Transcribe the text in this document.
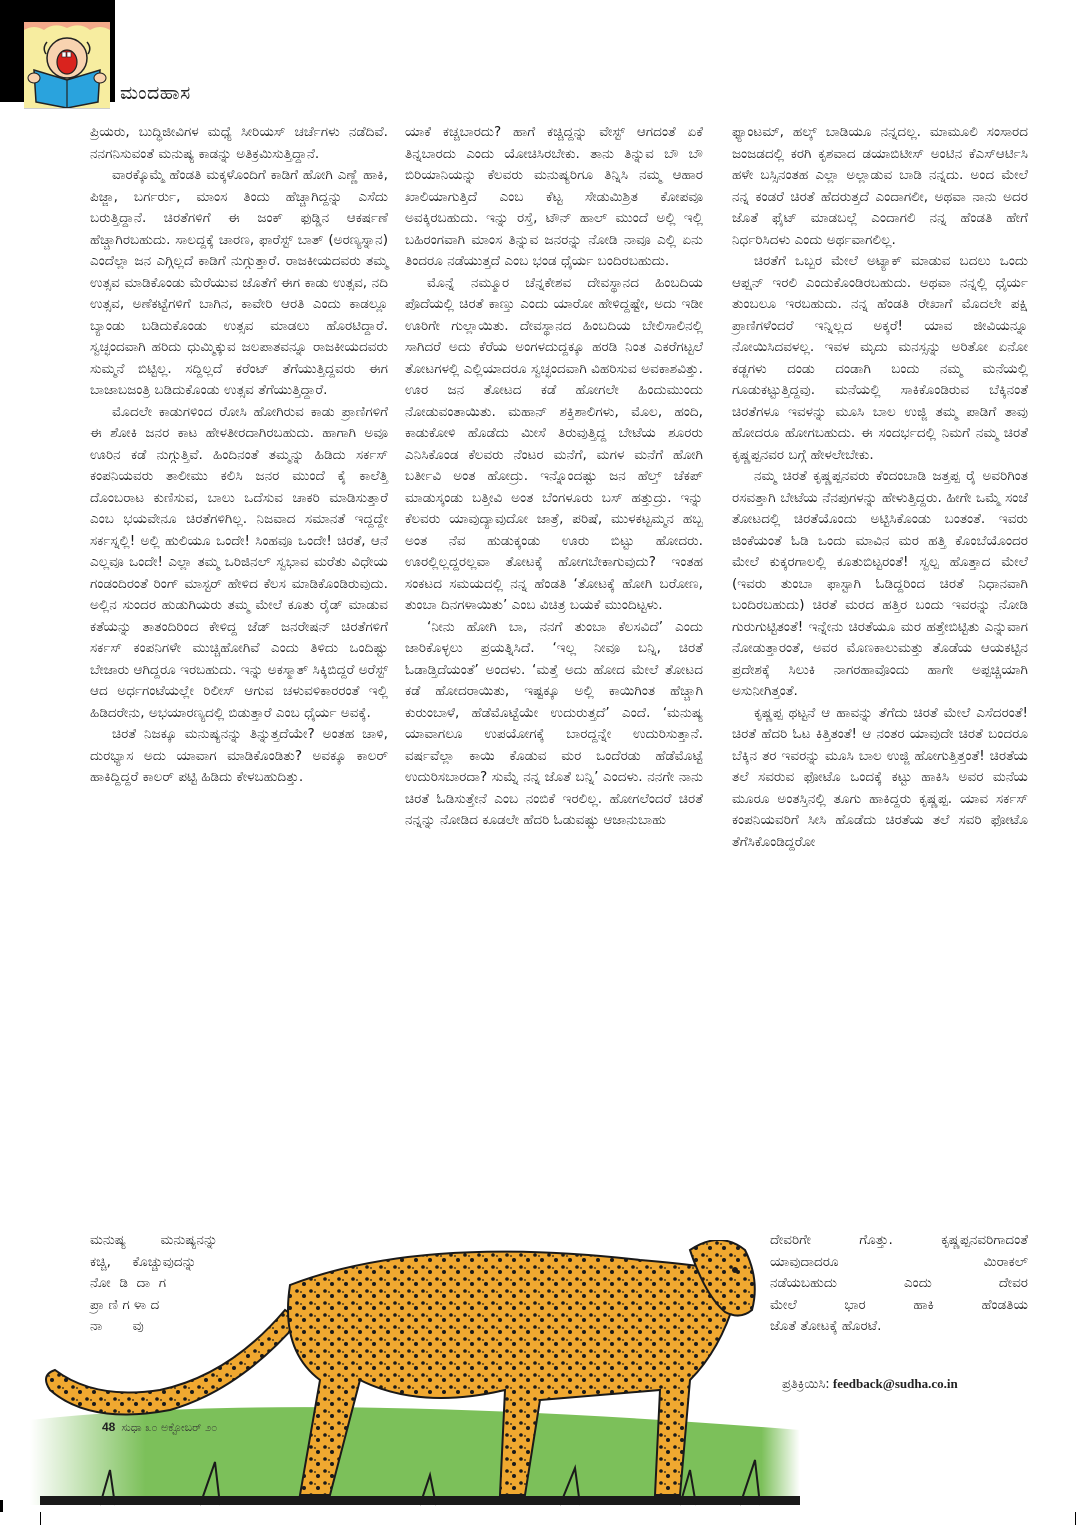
ಮಂದಹಾಸ

ಪ್ರಿಯರು, ಬುದ್ಧಿಜೀವಿಗಳ ಮಧ್ಯೆ ಸೀರಿಯಸ್ ಚರ್ಚೆಗಳು ನಡೆದಿವೆ. ನನಗನಿಸುವಂತೆ ಮನುಷ್ಯ ಕಾಡನ್ನು ಅತಿಕ್ರಮಿಸುತ್ತಿದ್ದಾನೆ.

ವಾರಕ್ಕೊಮ್ಮೆ ಹೆಂಡತಿ ಮಕ್ಕಳೊಂದಿಗೆ ಕಾಡಿಗೆ ಹೋಗಿ ಎಣ್ಣೆ ಹಾಕಿ, ಪಿಜ್ಜಾ, ಬರ್ಗರ್ರು, ಮಾಂಸ ತಿಂದು ಹೆಚ್ಚಾಗಿದ್ದನ್ನು ಎಸೆದು ಬರುತ್ತಿದ್ದಾನೆ. ಚಿರತೆಗಳಿಗೆ ಈ ಜಂಕ್ ಫುಡ್ಡಿನ ಆಕರ್ಷಣೆ ಹೆಚ್ಚಾಗಿರಬಹುದು. ಸಾಲದ್ದಕ್ಕೆ ಚಾರಣ, ಫಾರೆಸ್ಟ್ ಬಾತ್ (ಅರಣ್ಯಸ್ನಾನ) ಎಂದೆಲ್ಲಾ ಜನ ಎಗ್ಗಿಲ್ಲದೆ ಕಾಡಿಗೆ ನುಗ್ಗುತ್ತಾರೆ. ರಾಜಕೀಯದವರು ತಮ್ಮ ಉತ್ಸವ ಮಾಡಿಕೊಂಡು ಮೆರೆಯುವ ಜೊತೆಗೆ ಈಗ ಕಾಡು ಉತ್ಸವ, ನದಿ ಉತ್ಸವ, ಅಣೆಕಟ್ಟೆಗಳಿಗೆ ಬಾಗಿನ, ಕಾವೇರಿ ಆರತಿ ಎಂದು ಕಾಡಲ್ಲೂ ಬ್ಯಾಂಡು ಬಡಿದುಕೊಂಡು ಉತ್ಸವ ಮಾಡಲು ಹೊರಟಿದ್ದಾರೆ. ಸ್ವಚ್ಛಂದವಾಗಿ ಹರಿದು ಧುಮ್ಮಿಕ್ಕುವ ಜಲಪಾತವನ್ನೂ ರಾಜಕೀಯದವರು ಸುಮ್ಮನೆ ಬಿಟ್ಟಿಲ್ಲ. ಸದ್ದಿಲ್ಲದೆ ಕರೆಂಟ್ ತೆಗೆಯುತ್ತಿದ್ದವರು ಈಗ ಬಾಜಾಬಜಂತ್ರಿ ಬಡಿದುಕೊಂಡು ಉತ್ಸವ ತೆಗೆಯುತ್ತಿದ್ದಾರೆ.

ಮೊದಲೇ ಕಾಡುಗಳಿಂದ ರೋಸಿ ಹೋಗಿರುವ ಕಾಡು ಪ್ರಾಣಿಗಳಿಗೆ ಈ ಶೋಕಿ ಜನರ ಕಾಟ ಹೇಳತೀರದಾಗಿರಬಹುದು. ಹಾಗಾಗಿ ಅವೂ ಊರಿನ ಕಡೆ ನುಗ್ಗುತ್ತಿವೆ. ಹಿಂದಿನಂತೆ ತಮ್ಮನ್ನು ಹಿಡಿದು ಸರ್ಕಸ್ ಕಂಪನಿಯವರು ತಾಲೀಮು ಕಲಿಸಿ ಜನರ ಮುಂದೆ ಕೈ ಕಾಲೆತ್ತಿ ದೊಂಬರಾಟ ಕುಣಿಸುವ, ಬಾಲು ಒದೆಸುವ ಚಾಕರಿ ಮಾಡಿಸುತ್ತಾರೆ ಎಂಬ ಭಯವೇನೂ ಚಿರತೆಗಳಿಗಿಲ್ಲ. ನಿಜವಾದ ಸಮಾನತೆ ಇದ್ದದ್ದೇ ಸರ್ಕಸ್ನಲ್ಲಿ! ಅಲ್ಲಿ ಹುಲಿಯೂ ಒಂದೇ! ಸಿಂಹವೂ ಒಂದೇ! ಚಿರತೆ, ಆನೆ ಎಲ್ಲವೂ ಒಂದೇ! ಎಲ್ಲಾ ತಮ್ಮ ಒರಿಜಿನಲ್ ಸ್ವಭಾವ ಮರೆತು ವಿಧೇಯ ಗಂಡಂದಿರಂತೆ ರಿಂಗ್ ಮಾಸ್ಟರ್ ಹೇಳಿದ ಕೆಲಸ ಮಾಡಿಕೊಂಡಿರುವುದು. ಅಲ್ಲಿನ ಸುಂದರ ಹುಡುಗಿಯರು ತಮ್ಮ ಮೇಲೆ ಕೂತು ರೈಡ್ ಮಾಡುವ ಕತೆಯನ್ನು ತಾತಂದಿರಿಂದ ಕೇಳಿದ್ದ ಜೆಡ್ ಜನರೇಷನ್ ಚಿರತೆಗಳಿಗೆ ಸರ್ಕಸ್ ಕಂಪನಿಗಳೇ ಮುಚ್ಚಿಹೋಗಿವೆ ಎಂದು ತಿಳಿದು ಒಂದಿಷ್ಟು ಬೇಜಾರು ಆಗಿದ್ದರೂ ಇರಬಹುದು. ಇನ್ನು ಅಕಸ್ಮಾತ್ ಸಿಕ್ಕಿಬಿದ್ದರೆ ಅರೆಸ್ಟ್ ಆದ ಅರ್ಧಗಂಟೆಯಲ್ಲೇ ರಿಲೀಸ್ ಆಗುವ ಚಳುವಳಿಕಾರರಂತೆ ಇಲ್ಲಿ ಹಿಡಿದರೇನು, ಅಭಯಾರಣ್ಯದಲ್ಲಿ ಬಿಡುತ್ತಾರೆ ಎಂಬ ಧೈರ್ಯ ಅವಕ್ಕೆ.

ಚಿರತೆ ನಿಜಕ್ಕೂ ಮನುಷ್ಯನನ್ನು ತಿನ್ನುತ್ತದೆಯೇ? ಅಂತಹ ಚಾಳಿ, ದುರಭ್ಯಾಸ ಅದು ಯಾವಾಗ ಮಾಡಿಕೊಂಡಿತು? ಅವಕ್ಕೂ ಕಾಲರ್ ಹಾಕಿದ್ದಿದ್ದರೆ ಕಾಲರ್ ಪಟ್ಟಿ ಹಿಡಿದು ಕೇಳಬಹುದಿತ್ತು.

ಯಾಕೆ ಕಚ್ಚಬಾರದು? ಹಾಗೆ ಕಚ್ಚಿದ್ದನ್ನು ವೇಸ್ಟ್ ಆಗದಂತೆ ಏಕೆ ತಿನ್ನಬಾರದು ಎಂದು ಯೋಚಿಸಿರಬೇಕು. ತಾನು ತಿನ್ನುವ ಬೌ ಬೌ ಬಿರಿಯಾನಿಯನ್ನು ಕೆಲವರು ಮನುಷ್ಯರಿಗೂ ತಿನ್ನಿಸಿ ನಮ್ಮ ಆಹಾರ ಖಾಲಿಯಾಗುತ್ತಿದೆ ಎಂಬ ಕೆಟ್ಟ ಸೇಡುಮಿಶ್ರಿತ ಕೋಪವೂ ಅವಕ್ಕಿರಬಹುದು. ಇನ್ನು ರಸ್ತೆ, ಟೌನ್ ಹಾಲ್ ಮುಂದೆ ಅಲ್ಲಿ ಇಲ್ಲಿ ಬಹಿರಂಗವಾಗಿ ಮಾಂಸ ತಿನ್ನುವ ಜನರನ್ನು ನೋಡಿ ನಾವೂ ಎಲ್ಲಿ ಏನು ತಿಂದರೂ ನಡೆಯುತ್ತದೆ ಎಂಬ ಭಂಡ ಧೈರ್ಯ ಬಂದಿರಬಹುದು.

ಮೊನ್ನೆ ನಮ್ಮೂರ ಚೆನ್ನಕೇಶವ ದೇವಸ್ಥಾನದ ಹಿಂಬದಿಯ ಪೊದೆಯಲ್ಲಿ ಚಿರತೆ ಕಾಣ್ತು ಎಂದು ಯಾರೋ ಹೇಳಿದ್ದಷ್ಟೇ, ಅದು ಇಡೀ ಊರಿಗೇ ಗುಲ್ಲಾಯಿತು. ದೇವಸ್ಥಾನದ ಹಿಂಬದಿಯ ಬೇಲಿಸಾಲಿನಲ್ಲಿ ಸಾಗಿದರೆ ಅದು ಕೆರೆಯ ಅಂಗಳದುದ್ದಕ್ಕೂ ಹರಡಿ ನಿಂತ ಎಕರೆಗಟ್ಟಲೆ ತೋಟಗಳಲ್ಲಿ ಎಲ್ಲಿಯಾದರೂ ಸ್ವಚ್ಛಂದವಾಗಿ ವಿಹರಿಸುವ ಅವಕಾಶವಿತ್ತು. ಊರ ಜನ ತೋಟದ ಕಡೆ ಹೋಗಲೇ ಹಿಂದುಮುಂದು ನೋಡುವಂತಾಯಿತು. ಮಹಾನ್ ಶಕ್ತಿಶಾಲಿಗಳು, ಮೊಲ, ಹಂದಿ, ಕಾಡುಕೋಳಿ ಹೊಡೆದು ಮೀಸೆ ತಿರುವುತ್ತಿದ್ದ ಬೇಟೆಯ ಶೂರರು ಎನಿಸಿಕೊಂಡ ಕೆಲವರು ನೆಂಟರ ಮನೆಗೆ, ಮಗಳ ಮನೆಗೆ ಹೋಗಿ ಬರ್ತೀವಿ ಅಂತ ಹೋದ್ರು. ಇನ್ನೊಂದಷ್ಟು ಜನ ಹೆಲ್ತ್ ಚೆಕಪ್ ಮಾಡುಸ್ಕಂಡು ಬತ್ತೀವಿ ಅಂತ ಬೆಂಗಳೂರು ಬಸ್ ಹತ್ತುದ್ರು. ಇನ್ನು ಕೆಲವರು ಯಾವುದ್ಯಾವುದೋ ಜಾತ್ರೆ, ಪರಿಷೆ, ಮುಳಕಟ್ಟಮ್ಮನ ಹಬ್ಬ ಅಂತ ನೆವ ಹುಡುಕ್ಕಂಡು ಊರು ಬಿಟ್ಟು ಹೋದರು. ಊರಲ್ಲಿಲ್ಲದ್ದರಲ್ಲವಾ ತೋಟಕ್ಕೆ ಹೋಗಬೇಕಾಗುವುದು? ಇಂತಹ ಸಂಕಟದ ಸಮಯದಲ್ಲಿ ನನ್ನ ಹೆಂಡತಿ ‘ತೋಟಕ್ಕೆ ಹೋಗಿ ಬರೋಣ, ತುಂಬಾ ದಿನಗಳಾಯಿತು’ ಎಂಬ ವಿಚಿತ್ರ ಬಯಕೆ ಮುಂದಿಟ್ಟಳು.

‘ನೀನು ಹೋಗಿ ಬಾ, ನನಗೆ ತುಂಬಾ ಕೆಲಸವಿದೆ’ ಎಂದು ಜಾರಿಕೊಳ್ಳಲು ಪ್ರಯತ್ನಿಸಿದೆ. ‘ಇಲ್ಲ ನೀವೂ ಬನ್ನಿ, ಚಿರತೆ ಓಡಾಡ್ತಿದೆಯಂತೆ’ ಅಂದಳು. ‘ಮತ್ತೆ ಅದು ಹೋದ ಮೇಲೆ ತೋಟದ ಕಡೆ ಹೋದರಾಯಿತು, ಇಷ್ಟಕ್ಕೂ ಅಲ್ಲಿ ಕಾಯಿಗಿಂತ ಹೆಚ್ಚಾಗಿ ಕುರುಂಬಾಳೆ, ಹೆಡೆಮೊಟ್ಟೆಯೇ ಉದುರುತ್ತದೆ’ ಎಂದೆ. ‘ಮನುಷ್ಯ ಯಾವಾಗಲೂ ಉಪಯೋಗಕ್ಕೆ ಬಾರದ್ದನ್ನೇ ಉದುರಿಸುತ್ತಾನೆ. ವರ್ಷವೆಲ್ಲಾ ಕಾಯಿ ಕೊಡುವ ಮರ ಒಂದೆರಡು ಹೆಡೆಮೊಟ್ಟೆ ಉದುರಿಸಬಾರದಾ? ಸುಮ್ನೆ ನನ್ನ ಜೊತೆ ಬನ್ನಿ’ ಎಂದಳು. ನನಗೇ ನಾನು ಚಿರತೆ ಓಡಿಸುತ್ತೇನೆ ಎಂಬ ನಂಬಿಕೆ ಇರಲಿಲ್ಲ. ಹೋಗಲೆಂದರೆ ಚಿರತೆ ನನ್ನನ್ನು ನೋಡಿದ ಕೂಡಲೇ ಹೆದರಿ ಓಡುವಷ್ಟು ಆಜಾನುಬಾಹು

ಫ್ಯಾಂಟಮ್, ಹಲ್ಕ್ ಬಾಡಿಯೂ ನನ್ನದಲ್ಲ. ಮಾಮೂಲಿ ಸಂಸಾರದ ಜಂಜಡದಲ್ಲಿ ಕರಗಿ ಕೃಶವಾದ ಡಯಾಬಿಟೀಸ್ ಅಂಟಿನ ಕೆಎಸ್ಆರ್ಟಿಸಿ ಹಳೇ ಬಸ್ಸಿನಂತಹ ಎಲ್ಲಾ ಅಲ್ಲಾಡುವ ಬಾಡಿ ನನ್ನದು. ಅಂದ ಮೇಲೆ ನನ್ನ ಕಂಡರೆ ಚಿರತೆ ಹೆದರುತ್ತದೆ ಎಂದಾಗಲೀ, ಅಥವಾ ನಾನು ಅದರ ಜೊತೆ ಫೈಟ್ ಮಾಡಬಲ್ಲೆ ಎಂದಾಗಲಿ ನನ್ನ ಹೆಂಡತಿ ಹೇಗೆ ನಿರ್ಧರಿಸಿದಳು ಎಂದು ಅರ್ಥವಾಗಲಿಲ್ಲ.

ಚಿರತೆಗೆ ಒಬ್ಬರ ಮೇಲೆ ಅಟ್ಯಾಕ್ ಮಾಡುವ ಬದಲು ಒಂದು ಆಪ್ಷನ್ ಇರಲಿ ಎಂದುಕೊಂಡಿರಬಹುದು. ಅಥವಾ ನನ್ನಲ್ಲಿ ಧೈರ್ಯ ತುಂಬಲೂ ಇರಬಹುದು. ನನ್ನ ಹೆಂಡತಿ ರೇಖಾಗೆ ಮೊದಲೇ ಪಕ್ಷಿ ಪ್ರಾಣಿಗಳೆಂದರೆ ಇನ್ನಿಲ್ಲದ ಅಕ್ಕರೆ! ಯಾವ ಜೀವಿಯನ್ನೂ ನೋಯಿಸಿದವಳಲ್ಲ. ಇವಳ ಮೃದು ಮನಸ್ಸನ್ನು ಅರಿತೋ ಏನೋ ಕಡ್ಜಗಳು ದಂಡು ದಂಡಾಗಿ ಬಂದು ನಮ್ಮ ಮನೆಯಲ್ಲಿ ಗೂಡುಕಟ್ಟುತ್ತಿದ್ದವು. ಮನೆಯಲ್ಲಿ ಸಾಕಿಕೊಂಡಿರುವ ಬೆಕ್ಕಿನಂತೆ ಚಿರತೆಗಳೂ ಇವಳನ್ನು ಮೂಸಿ ಬಾಲ ಉಜ್ಜಿ ತಮ್ಮ ಪಾಡಿಗೆ ತಾವು ಹೋದರೂ ಹೋಗಬಹುದು. ಈ ಸಂದರ್ಭದಲ್ಲಿ ನಿಮಗೆ ನಮ್ಮ ಚಿರತೆ ಕೃಷ್ಣಪ್ಪನವರ ಬಗ್ಗೆ ಹೇಳಲೇಬೇಕು.

ನಮ್ಮ ಚಿರತೆ ಕೃಷ್ಣಪ್ಪನವರು ಕೆಂದಂಬಾಡಿ ಜತ್ತಪ್ಪ ರೈ ಅವರಿಗಿಂತ ರಸವತ್ತಾಗಿ ಬೇಟೆಯ ನೆನಪುಗಳನ್ನು ಹೇಳುತ್ತಿದ್ದರು. ಹೀಗೇ ಒಮ್ಮೆ ಸಂಜೆ ತೋಟದಲ್ಲಿ ಚಿರತೆಯೊಂದು ಅಟ್ಟಿಸಿಕೊಂಡು ಬಂತಂತೆ. ಇವರು ಜಿಂಕೆಯಂತೆ ಓಡಿ ಒಂದು ಮಾವಿನ ಮರ ಹತ್ತಿ ಕೊಂಬೆಯೊಂದರ ಮೇಲೆ ಕುಕ್ಕರಗಾಲಲ್ಲಿ ಕೂತುಬಿಟ್ಟರಂತೆ! ಸ್ವಲ್ಪ ಹೊತ್ತಾದ ಮೇಲೆ (ಇವರು ತುಂಬಾ ಫಾಸ್ಟಾಗಿ ಓಡಿದ್ದರಿಂದ ಚಿರತೆ ನಿಧಾನವಾಗಿ ಬಂದಿರಬಹುದು) ಚಿರತೆ ಮರದ ಹತ್ತಿರ ಬಂದು ಇವರನ್ನು ನೋಡಿ ಗುರುಗುಟ್ಟಿತಂತೆ! ಇನ್ನೇನು ಚಿರತೆಯೂ ಮರ ಹತ್ತೇಬಿಟ್ಟಿತು ಎನ್ನುವಾಗ ನೋಡುತ್ತಾರಂತೆ, ಅವರ ಮೊಣಕಾಲುಮತ್ತು ತೊಡೆಯ ಆಯಕಟ್ಟಿನ ಪ್ರದೇಶಕ್ಕೆ ಸಿಲುಕಿ ನಾಗರಹಾವೊಂದು ಹಾಗೇ ಅಪ್ಪಚ್ಚಿಯಾಗಿ ಅಸುನೀಗಿತ್ತಂತೆ.

ಕೃಷ್ಣಪ್ಪ ಥಟ್ಟನೆ ಆ ಹಾವನ್ನು ತೆಗೆದು ಚಿರತೆ ಮೇಲೆ ಎಸೆದರಂತೆ! ಚಿರತೆ ಹೆದರಿ ಓಟ ಕಿತ್ತಿತಂತೆ! ಆ ನಂತರ ಯಾವುದೇ ಚಿರತೆ ಬಂದರೂ ಬೆಕ್ಕಿನ ತರ ಇವರನ್ನು ಮೂಸಿ ಬಾಲ ಉಜ್ಜಿ ಹೋಗುತ್ತಿತ್ತಂತೆ! ಚಿರತೆಯ ತಲೆ ಸವರುವ ಫೋಟೊ ಒಂದಕ್ಕೆ ಕಟ್ಟು ಹಾಕಿಸಿ ಅವರ ಮನೆಯ ಮೂರೂ ಅಂತಸ್ತಿನಲ್ಲಿ ತೂಗು ಹಾಕಿದ್ದರು ಕೃಷ್ಣಪ್ಪ. ಯಾವ ಸರ್ಕಸ್ ಕಂಪನಿಯವರಿಗೆ ಸೀಸಿ ಹೊಡೆದು ಚಿರತೆಯ ತಲೆ ಸವರಿ ಫೋಟೊ ತೆಗೆಸಿಕೊಂಡಿದ್ದರೋ

ಮನುಷ್ಯ        ಮನುಷ್ಯನನ್ನು
ಕಚ್ಚಿ,     ಕೊಚ್ಚುವುದನ್ನು
ನೋ  ಡಿ  ದಾ  ಗ
ಪ್ರಾ ಣಿ ಗ ಳಾ ದ
ನಾ       ವು
ದೇವರಿಗೇ ಗೊತ್ತು. ಕೃಷ್ಣಪ್ಪನವರಿಗಾದಂತೆ
ಯಾವುದಾದರೂ ಮಿರಾಕಲ್
ನಡೆಯಬಹುದು ಎಂದು ದೇವರ
ಮೇಲೆ ಭಾರ ಹಾಕಿ ಹೆಂಡತಿಯ
ಜೊತೆ ತೋಟಕ್ಕೆ ಹೊರಟೆ.
ಪ್ರತಿಕ್ರಿಯಿಸಿ: feedback@sudha.co.in
48 ಸುಧಾ ೩೦ ಅಕ್ಟೋಬರ್ ೨೦
